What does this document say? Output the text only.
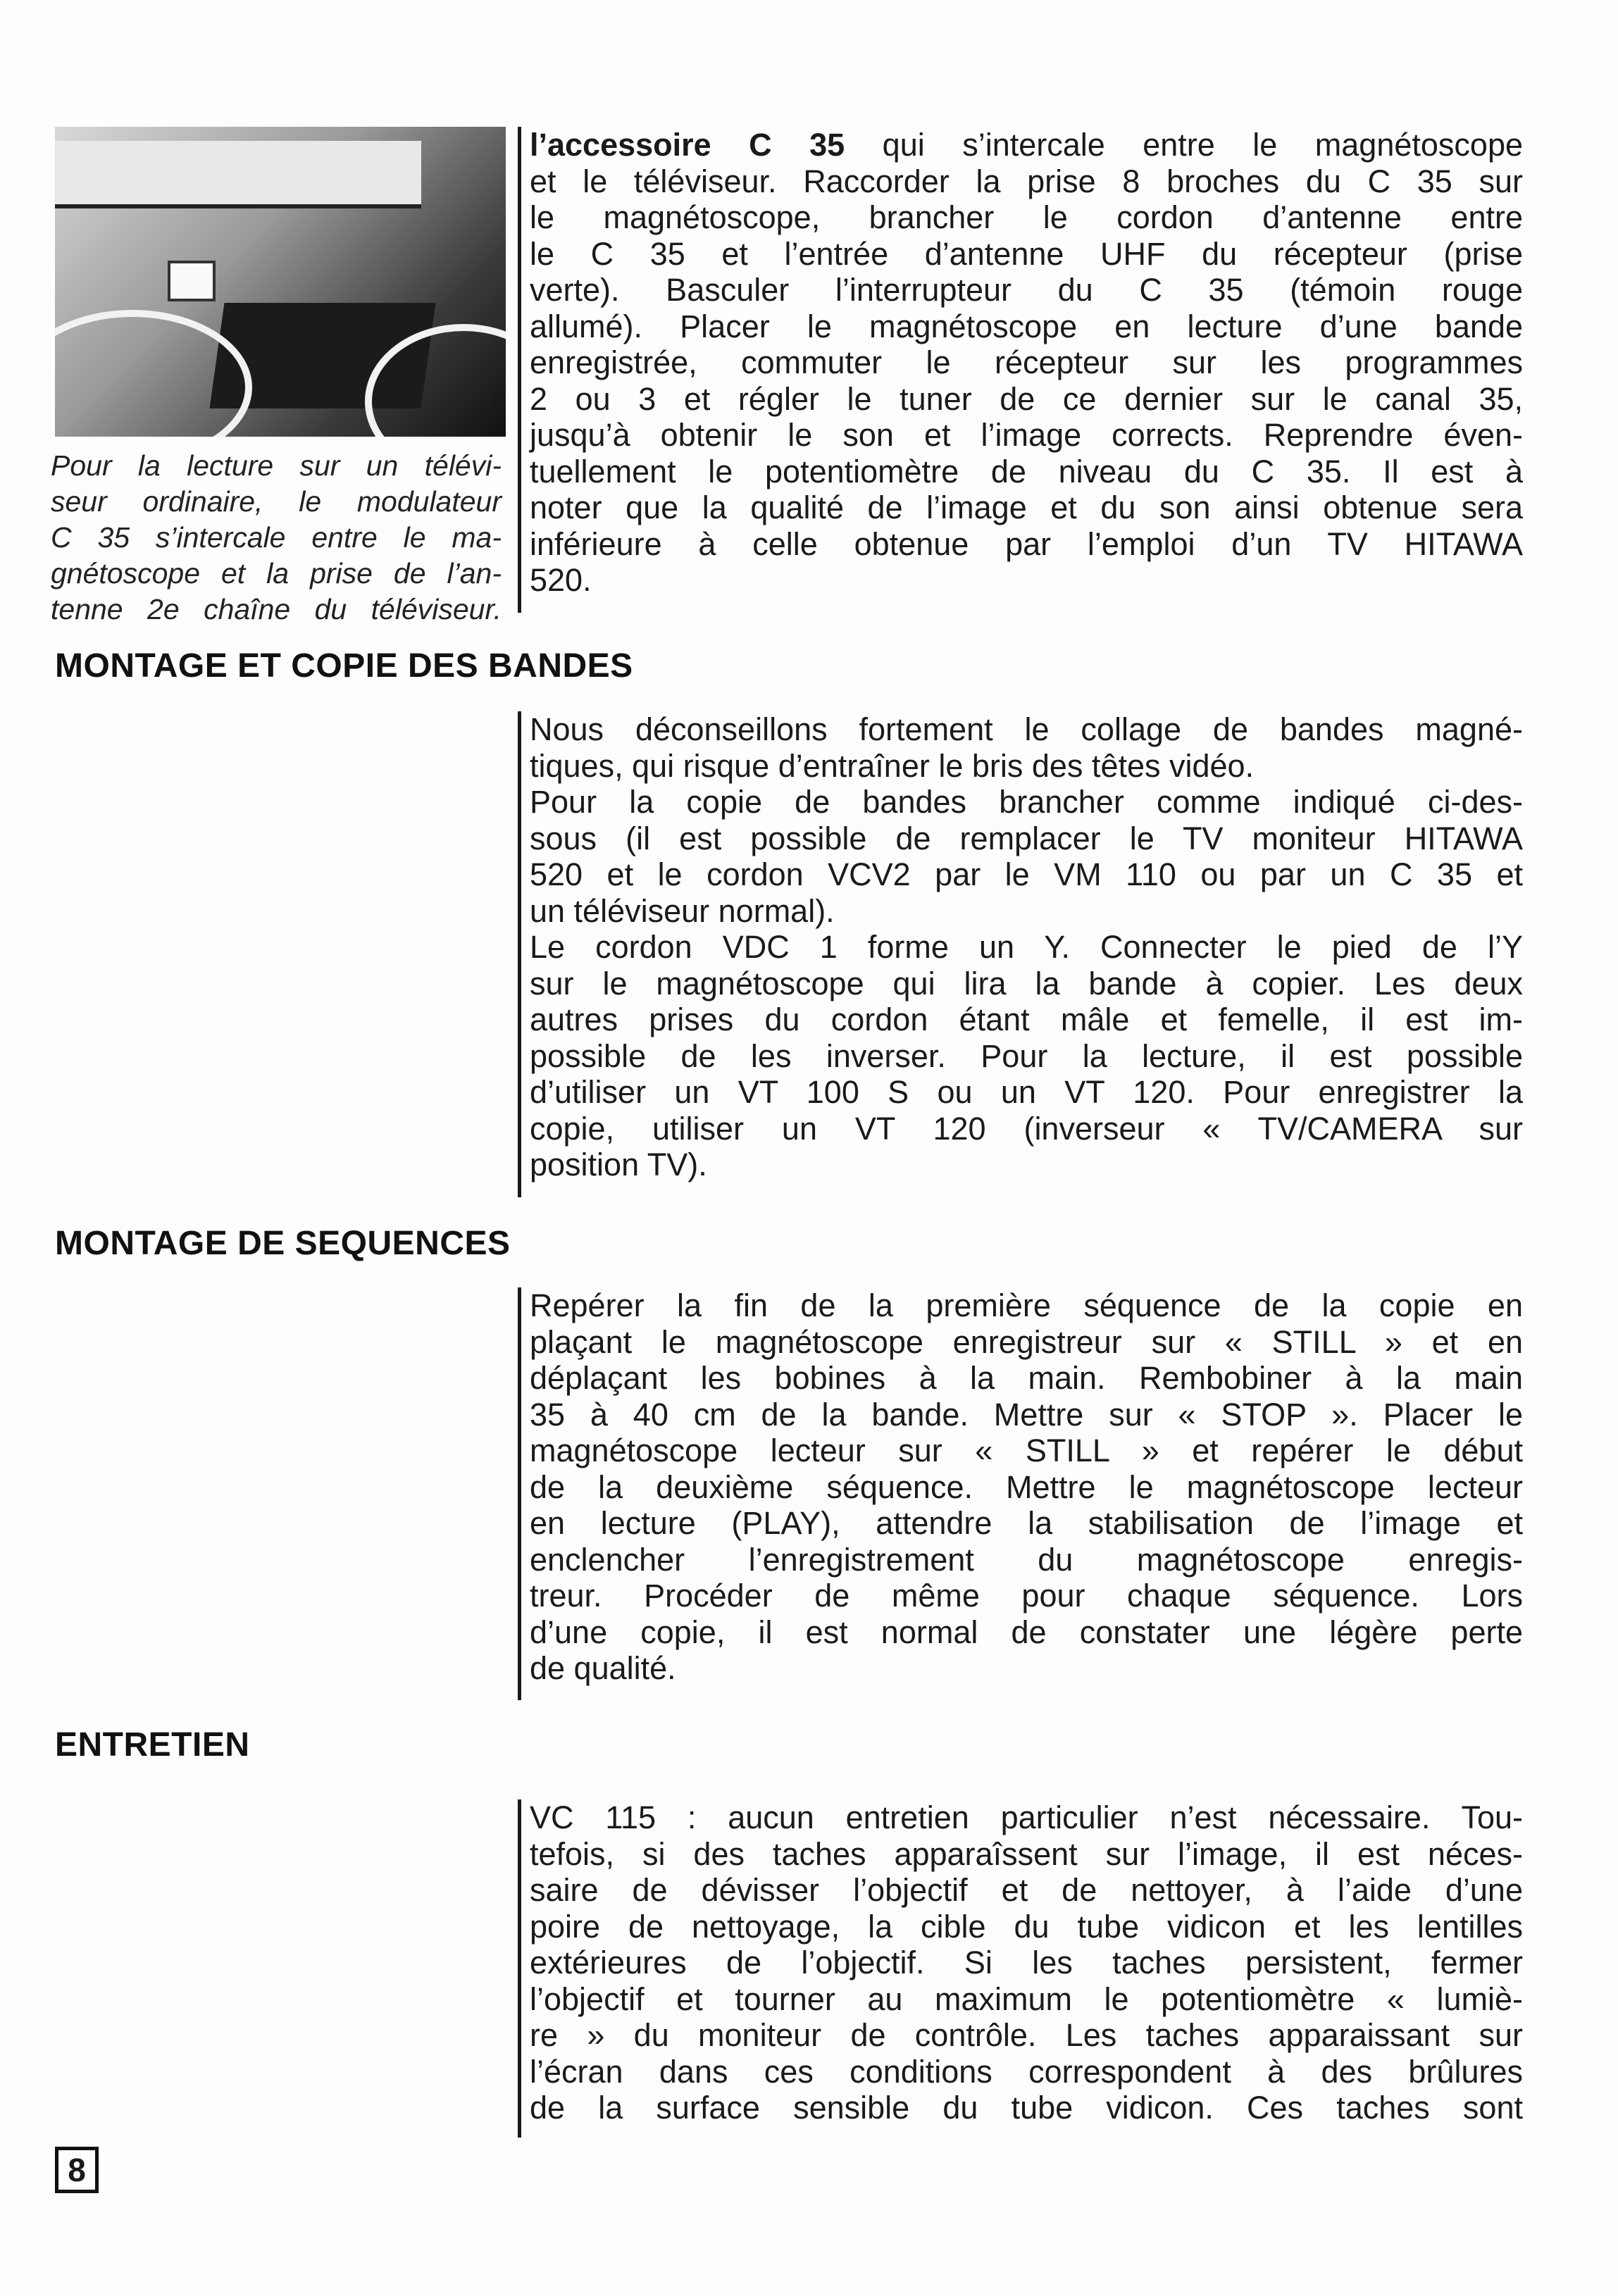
Pour la lecture sur un télévi-
seur ordinaire, le modulateur
C 35 s’intercale entre le ma-
gnétoscope et la prise de l’an-
tenne 2e chaîne du téléviseur.

l’accessoire C 35 qui s’intercale entre le magnétoscope
et le téléviseur. Raccorder la prise 8 broches du C 35 sur
le magnétoscope, brancher le cordon d’antenne entre
le C 35 et l’entrée d’antenne UHF du récepteur (prise
verte). Basculer l’interrupteur du C 35 (témoin rouge
allumé). Placer le magnétoscope en lecture d’une bande
enregistrée, commuter le récepteur sur les programmes
2 ou 3 et régler le tuner de ce dernier sur le canal 35,
jusqu’à obtenir le son et l’image corrects. Reprendre éven-
tuellement le potentiomètre de niveau du C 35. Il est à
noter que la qualité de l’image et du son ainsi obtenue sera
inférieure à celle obtenue par l’emploi d’un TV HITAWA
520.
MONTAGE ET COPIE DES BANDES
Nous déconseillons fortement le collage de bandes magné-
tiques, qui risque d’entraîner le bris des têtes vidéo.
Pour la copie de bandes brancher comme indiqué ci-des-
sous (il est possible de remplacer le TV moniteur HITAWA
520 et le cordon VCV2 par le VM 110 ou par un C 35 et
un téléviseur normal).
Le cordon VDC 1 forme un Y. Connecter le pied de l’Y
sur le magnétoscope qui lira la bande à copier. Les deux
autres prises du cordon étant mâle et femelle, il est im-
possible de les inverser. Pour la lecture, il est possible
d’utiliser un VT 100 S ou un VT 120. Pour enregistrer la
copie, utiliser un VT 120 (inverseur « TV/CAMERA sur
position TV).
MONTAGE DE SEQUENCES
Repérer la fin de la première séquence de la copie en
plaçant le magnétoscope enregistreur sur « STILL » et en
déplaçant les bobines à la main. Rembobiner à la main
35 à 40 cm de la bande. Mettre sur « STOP ». Placer le
magnétoscope lecteur sur « STILL » et repérer le début
de la deuxième séquence. Mettre le magnétoscope lecteur
en lecture (PLAY), attendre la stabilisation de l’image et
enclencher l’enregistrement du magnétoscope enregis-
treur. Procéder de même pour chaque séquence. Lors
d’une copie, il est normal de constater une légère perte
de qualité.
ENTRETIEN
VC 115 : aucun entretien particulier n’est nécessaire. Tou-
tefois, si des taches apparaîssent sur l’image, il est néces-
saire de dévisser l’objectif et de nettoyer, à l’aide d’une
poire de nettoyage, la cible du tube vidicon et les lentilles
extérieures de l’objectif. Si les taches persistent, fermer
l’objectif et tourner au maximum le potentiomètre « lumiè-
re » du moniteur de contrôle. Les taches apparaissant sur
l’écran dans ces conditions correspondent à des brûlures
de la surface sensible du tube vidicon. Ces taches sont
8
